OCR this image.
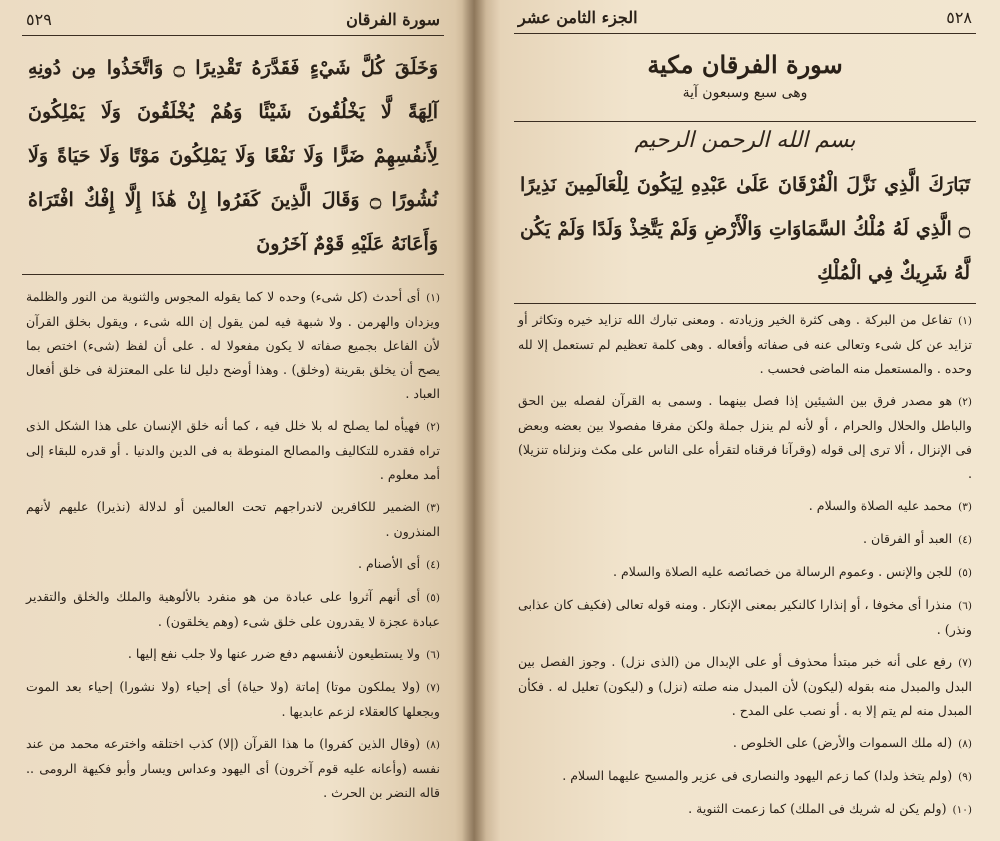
سورة الفرقان
٥٢٩
وَخَلَقَ كُلَّ شَيْءٍ فَقَدَّرَهُ تَقْدِيرًا ۝ وَاتَّخَذُوا مِن دُونِهِ آلِهَةً لَّا يَخْلُقُونَ شَيْئًا وَهُمْ يُخْلَقُونَ وَلَا يَمْلِكُونَ لِأَنفُسِهِمْ ضَرًّا وَلَا نَفْعًا وَلَا يَمْلِكُونَ مَوْتًا وَلَا حَيَاةً وَلَا نُشُورًا ۝ وَقَالَ الَّذِينَ كَفَرُوا إِنْ هَٰذَا إِلَّا إِفْكٌ افْتَرَاهُ وَأَعَانَهُ عَلَيْهِ قَوْمٌ آخَرُونَ

(١)أى أحدث (كل شىء) وحده لا كما يقوله المجوس والثنوية من النور والظلمة ويزدان والهرمن . ولا شبهة فيه لمن يقول إن الله شىء ، ويقول بخلق القرآن لأن الفاعل بجميع صفاته لا يكون مفعولا له . على أن لفظ (شىء) اختص بما يصح أن يخلق بقرينة (وخلق) . وهذا أوضح دليل لنا على المعتزلة فى خلق أفعال العباد .

(٢)فهيأه لما يصلح له بلا خلل فيه ، كما أنه خلق الإنسان على هذا الشكل الذى تراه فقدره للتكاليف والمصالح المنوطة به فى الدين والدنيا . أو قدره للبقاء إلى أمد معلوم .

(٣)الضمير للكافرين لاندراجهم تحت العالمين أو لدلالة (نذيرا) عليهم لأنهم المنذرون .

(٤)أى الأصنام .

(٥)أى أنهم آثروا على عبادة من هو منفرد بالألوهية والملك والخلق والتقدير عبادة عجزة لا يقدرون على خلق شىء (وهم يخلقون) .

(٦)ولا يستطيعون لأنفسهم دفع ضرر عنها ولا جلب نفع إليها .

(٧)(ولا يملكون موتا) إماتة (ولا حياة) أى إحياء (ولا نشورا) إحياء بعد الموت وبجعلها كالعقلاء لزعم عابديها .

(٨)(وقال الذين كفروا) ما هذا القرآن (إلا) كذب اختلقه واخترعه محمد من عند نفسه (وأعانه عليه قوم آخرون) أى اليهود وعداس ويسار وأبو فكيهة الرومى .. قاله النضر بن الحرث .

٥٢٨
الجزء الثامن عشر
سورة الفرقان مكية
وهى سبع وسبعون آية
بسم الله الرحمن الرحيم
تَبَارَكَ الَّذِي نَزَّلَ الْفُرْقَانَ عَلَىٰ عَبْدِهِ لِيَكُونَ لِلْعَالَمِينَ نَذِيرًا ۝ الَّذِي لَهُ مُلْكُ السَّمَاوَاتِ وَالْأَرْضِ وَلَمْ يَتَّخِذْ وَلَدًا وَلَمْ يَكُن لَّهُ شَرِيكٌ فِي الْمُلْكِ

(١)تفاعل من البركة . وهى كثرة الخير وزيادته . ومعنى تبارك الله تزايد خيره وتكاثر أو تزايد عن كل شىء وتعالى عنه فى صفاته وأفعاله . وهى كلمة تعظيم لم تستعمل إلا لله وحده . والمستعمل منه الماضى فحسب .

(٢)هو مصدر فرق بين الشيئين إذا فصل بينهما . وسمى به القرآن لفصله بين الحق والباطل والحلال والحرام ، أو لأنه لم ينزل جملة ولكن مفرقا مفصولا بين بعضه وبعض فى الإنزال ، ألا ترى إلى قوله (وقرآنا فرقناه لتقرأه على الناس على مكث ونزلناه تنزيلا) .

(٣)محمد عليه الصلاة والسلام .

(٤)العبد أو الفرقان .

(٥)للجن والإنس . وعموم الرسالة من خصائصه عليه الصلاة والسلام .

(٦)منذرا أى مخوفا ، أو إنذارا كالنكير بمعنى الإنكار . ومنه قوله تعالى (فكيف كان عذابى ونذر) .

(٧)رفع على أنه خبر مبتدأ محذوف أو على الإبدال من (الذى نزل) . وجوز الفصل بين البدل والمبدل منه بقوله (ليكون) لأن المبدل منه صلته (نزل) و (ليكون) تعليل له . فكأن المبدل منه لم يتم إلا به . أو نصب على المدح .

(٨)(له ملك السموات والأرض) على الخلوص .

(٩)(ولم يتخذ ولدا) كما زعم اليهود والنصارى فى عزير والمسيح عليهما السلام .

(١٠)(ولم يكن له شريك فى الملك) كما زعمت الثنوية .
